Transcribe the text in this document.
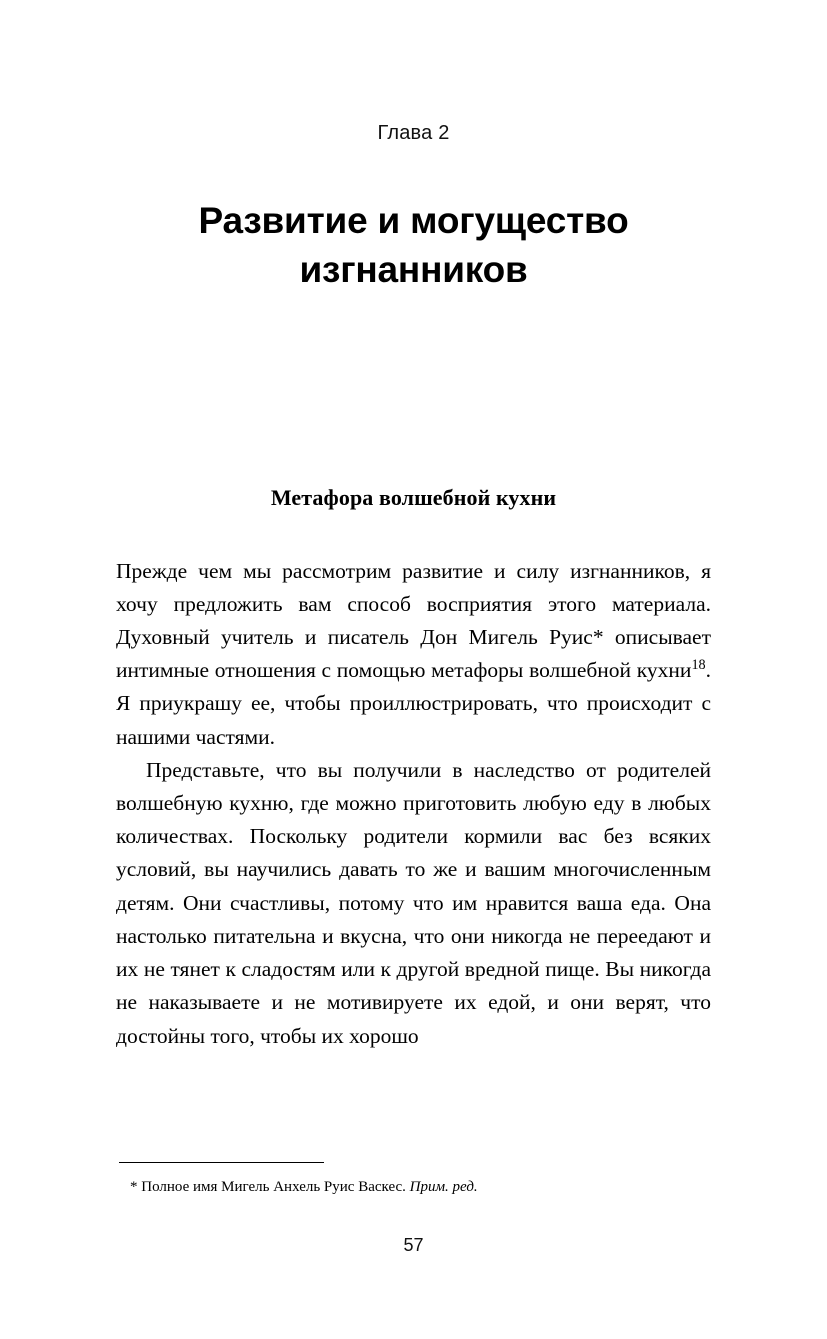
Глава 2
Развитие и могущество изгнанников
Метафора волшебной кухни

Прежде чем мы рассмотрим развитие и силу изгнанников, я хочу предложить вам способ восприятия этого материала. Духовный учитель и писатель Дон Мигель Руис* описывает интимные отношения с помощью метафоры волшебной кухни$^{18}$. Я приукрашу ее, чтобы проиллюстрировать, что происходит с нашими частями.

Представьте, что вы получили в наследство от родителей волшебную кухню, где можно приготовить любую еду в любых количествах. Поскольку родители кормили вас без всяких условий, вы научились давать то же и вашим многочисленным детям. Они счастливы, потому что им нравится ваша еда. Она настолько питательна и вкусна, что они никогда не переедают и их не тянет к сладостям или к другой вредной пище. Вы никогда не наказываете и не мотивируете их едой, и они верят, что достойны того, чтобы их хорошо

* Полное имя Мигель Анхель Руис Васкес. Прим. ред.
57
